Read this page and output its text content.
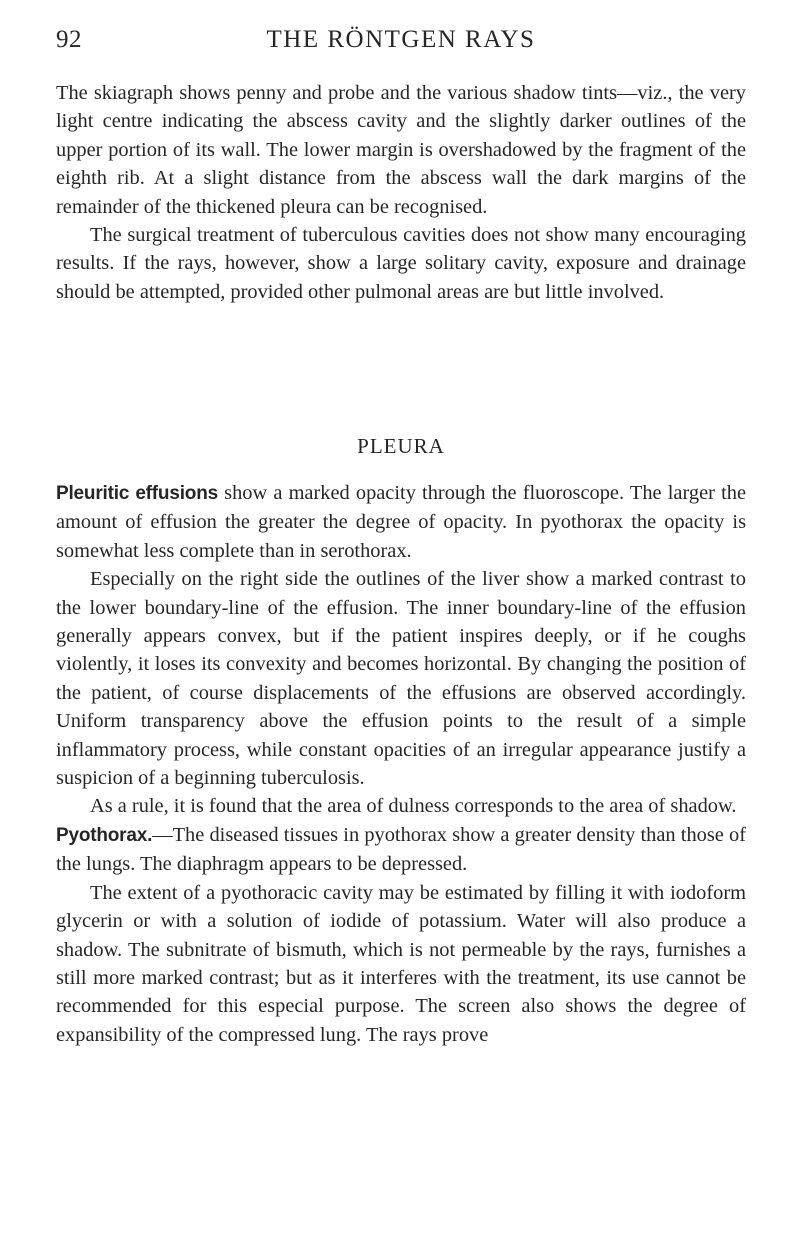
92	THE RÖNTGEN RAYS

The skiagraph shows penny and probe and the various shadow tints—viz., the very light centre indicating the abscess cavity and the slightly darker outlines of the upper portion of its wall. The lower margin is overshadowed by the fragment of the eighth rib. At a slight distance from the abscess wall the dark margins of the remainder of the thickened pleura can be recognised.

The surgical treatment of tuberculous cavities does not show many encouraging results. If the rays, however, show a large solitary cavity, exposure and drainage should be attempted, provided other pulmonal areas are but little involved.

PLEURA

Pleuritic effusions show a marked opacity through the fluoroscope. The larger the amount of effusion the greater the degree of opacity. In pyothorax the opacity is somewhat less complete than in serothorax.

Especially on the right side the outlines of the liver show a marked contrast to the lower boundary-line of the effusion. The inner boundary-line of the effusion generally appears convex, but if the patient inspires deeply, or if he coughs violently, it loses its convexity and becomes horizontal. By changing the position of the patient, of course displacements of the effusions are observed accordingly. Uniform transparency above the effusion points to the result of a simple inflammatory process, while constant opacities of an irregular appearance justify a suspicion of a beginning tuberculosis.

As a rule, it is found that the area of dulness corresponds to the area of shadow.

Pyothorax.—The diseased tissues in pyothorax show a greater density than those of the lungs. The diaphragm appears to be depressed.

The extent of a pyothoracic cavity may be estimated by filling it with iodoform glycerin or with a solution of iodide of potassium. Water will also produce a shadow. The subnitrate of bismuth, which is not permeable by the rays, furnishes a still more marked contrast; but as it interferes with the treatment, its use cannot be recommended for this especial purpose. The screen also shows the degree of expansibility of the compressed lung. The rays prove
